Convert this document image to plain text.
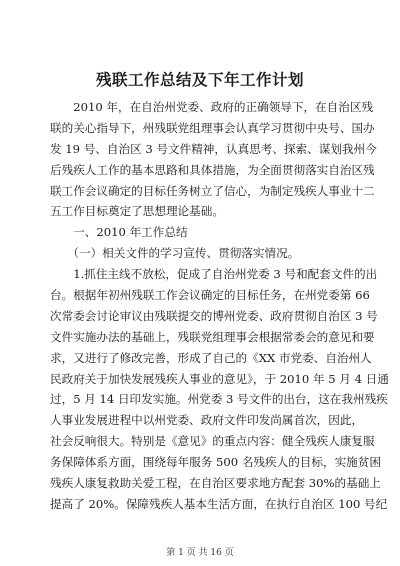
残联工作总结及下年工作计划
　　2010 年，在自治州党委、政府的正确领导下，在自治区残
联的关心指导下，州残联党组理事会认真学习贯彻中央号、国办
发 19 号、自治区 3 号文件精神，认真思考、探索、谋划我州今
后残疾人工作的基本思路和具体措施，为全面贯彻落实自治区残
联工作会议确定的目标任务树立了信心，为制定残疾人事业十二
五工作目标奠定了思想理论基础。
　　一、2010 年工作总结
　　（一）相关文件的学习宣传、贯彻落实情况。
　　1.抓住主线不放松，促成了自治州党委 3 号和配套文件的出
台。根据年初州残联工作会议确定的目标任务，在州党委第 66
次常委会讨论审议由残联提交的博州党委、政府贯彻自治区 3 号
文件实施办法的基础上，残联党组理事会根据常委会的意见和要
求，又进行了修改完善，形成了自己的《XX 市党委、自治州人
民政府关于加快发展残疾人事业的意见》，于 2010 年 5 月 4 日通
过，5 月 14 日印发实施。州党委 3 号文件的出台，这在我州残疾
人事业发展进程中以州党委、政府文件印发尚属首次，因此，
社会反响很大。特别是《意见》的重点内容：健全残疾人康复服
务保障体系方面，围绕每年服务 500 名残疾人的目标，实施贫困
残疾人康复救助关爱工程，在自治区要求地方配套 30%的基础上
提高了 20%。保障残疾人基本生活方面，在执行自治区 100 号纪
第 1 页 共 16 页
